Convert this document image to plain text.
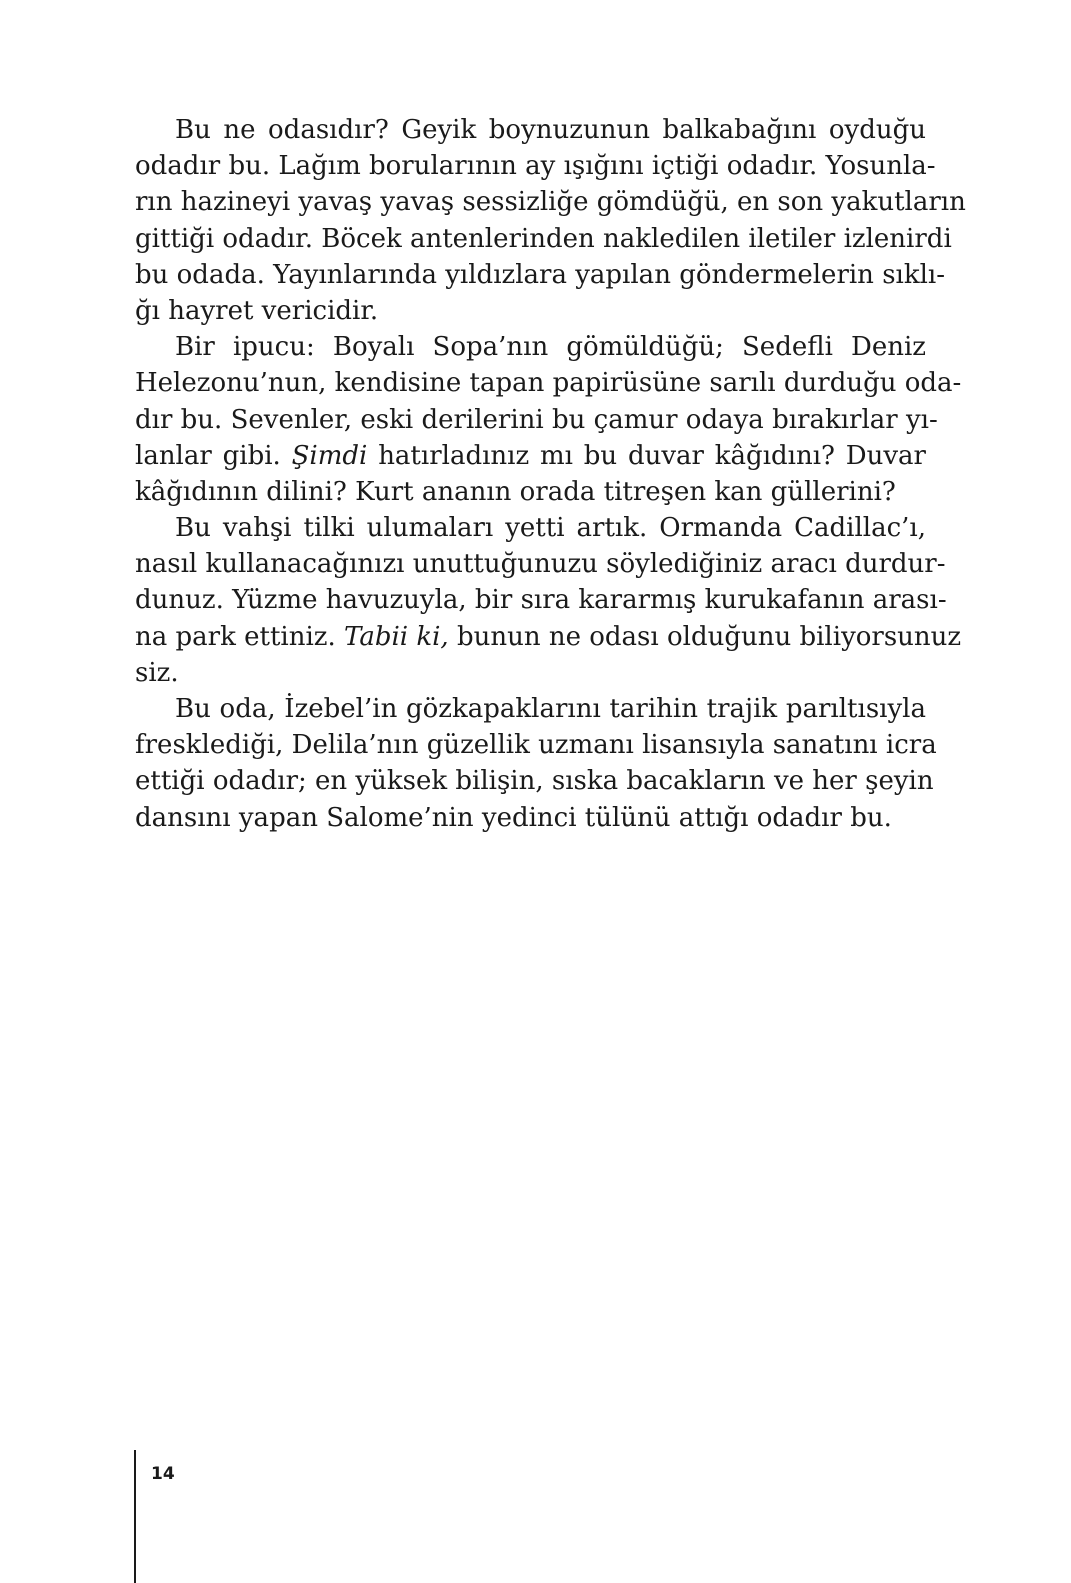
Bu ne odasıdır? Geyik boynuzunun balkabağını oyduğu
odadır bu. Lağım borularının ay ışığını içtiği odadır. Yosunla-
rın hazineyi yavaş yavaş sessizliğe gömdüğü, en son yakutların
gittiği odadır. Böcek antenlerinden nakledilen iletiler izlenirdi
bu odada. Yayınlarında yıldızlara yapılan göndermelerin sıklı-
ğı hayret vericidir.
Bir ipucu: Boyalı Sopa’nın gömüldüğü; Sedefli Deniz
Helezonu’nun, kendisine tapan papirüsüne sarılı durduğu oda-
dır bu. Sevenler, eski derilerini bu çamur odaya bırakırlar yı-
lanlar gibi. Şimdi hatırladınız mı bu duvar kâğıdını? Duvar
kâğıdının dilini? Kurt ananın orada titreşen kan güllerini?
Bu vahşi tilki ulumaları yetti artık. Ormanda Cadillac’ı,
nasıl kullanacağınızı unuttuğunuzu söylediğiniz aracı durdur-
dunuz. Yüzme havuzuyla, bir sıra kararmış kurukafanın arası-
na park ettiniz. Tabii ki, bunun ne odası olduğunu biliyorsunuz
siz.
Bu oda, İzebel’in gözkapaklarını tarihin trajik parıltısıyla
fresklediği, Delila’nın güzellik uzmanı lisansıyla sanatını icra
ettiği odadır; en yüksek bilişin, sıska bacakların ve her şeyin
dansını yapan Salome’nin yedinci tülünü attığı odadır bu.
14
